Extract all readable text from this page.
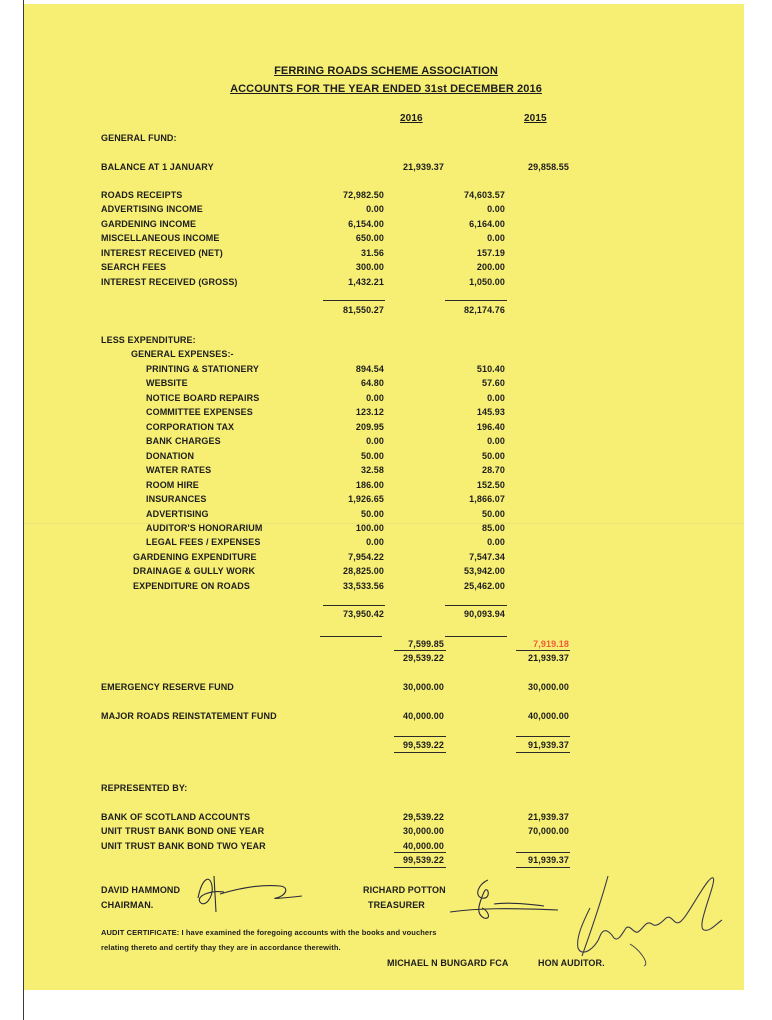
FERRING ROADS SCHEME ASSOCIATION
ACCOUNTS FOR THE YEAR ENDED 31st DECEMBER 2016
2016	2015
GENERAL FUND:
BALANCE AT 1 JANUARY	21,939.37	29,858.55
ROADS RECEIPTS	72,982.50	74,603.57
ADVERTISING INCOME	0.00	0.00
GARDENING INCOME	6,154.00	6,164.00
MISCELLANEOUS INCOME	650.00	0.00
INTEREST RECEIVED (NET)	31.56	157.19
SEARCH FEES	300.00	200.00
INTEREST RECEIVED (GROSS)	1,432.21	1,050.00
81,550.27	82,174.76
LESS EXPENDITURE:
GENERAL EXPENSES:-
PRINTING & STATIONERY	894.54	510.40
WEBSITE	64.80	57.60
NOTICE BOARD REPAIRS	0.00	0.00
COMMITTEE EXPENSES	123.12	145.93
CORPORATION TAX	209.95	196.40
BANK CHARGES	0.00	0.00
DONATION	50.00	50.00
WATER RATES	32.58	28.70
ROOM HIRE	186.00	152.50
INSURANCES	1,926.65	1,866.07
ADVERTISING	50.00	50.00
AUDITOR'S HONORARIUM	100.00	85.00
LEGAL FEES / EXPENSES	0.00	0.00
GARDENING EXPENDITURE	7,954.22	7,547.34
DRAINAGE & GULLY WORK	28,825.00	53,942.00
EXPENDITURE ON ROADS	33,533.56	25,462.00
73,950.42	90,093.94
7,599.85	7,919.18
29,539.22	21,939.37
EMERGENCY RESERVE FUND	30,000.00	30,000.00
MAJOR ROADS REINSTATEMENT FUND	40,000.00	40,000.00
99,539.22	91,939.37
REPRESENTED BY:
BANK OF SCOTLAND ACCOUNTS	29,539.22	21,939.37
UNIT TRUST BANK BOND ONE YEAR	30,000.00	70,000.00
UNIT TRUST BANK BOND TWO YEAR	40,000.00
99,539.22	91,939.37
DAVID HAMMOND
CHAIRMAN.
RICHARD POTTON
TREASURER
AUDIT CERTIFICATE: I have examined the foregoing accounts with the books and vouchers
relating thereto and certify thay they are in accordance therewith.
MICHAEL N BUNGARD FCA	HON AUDITOR.
